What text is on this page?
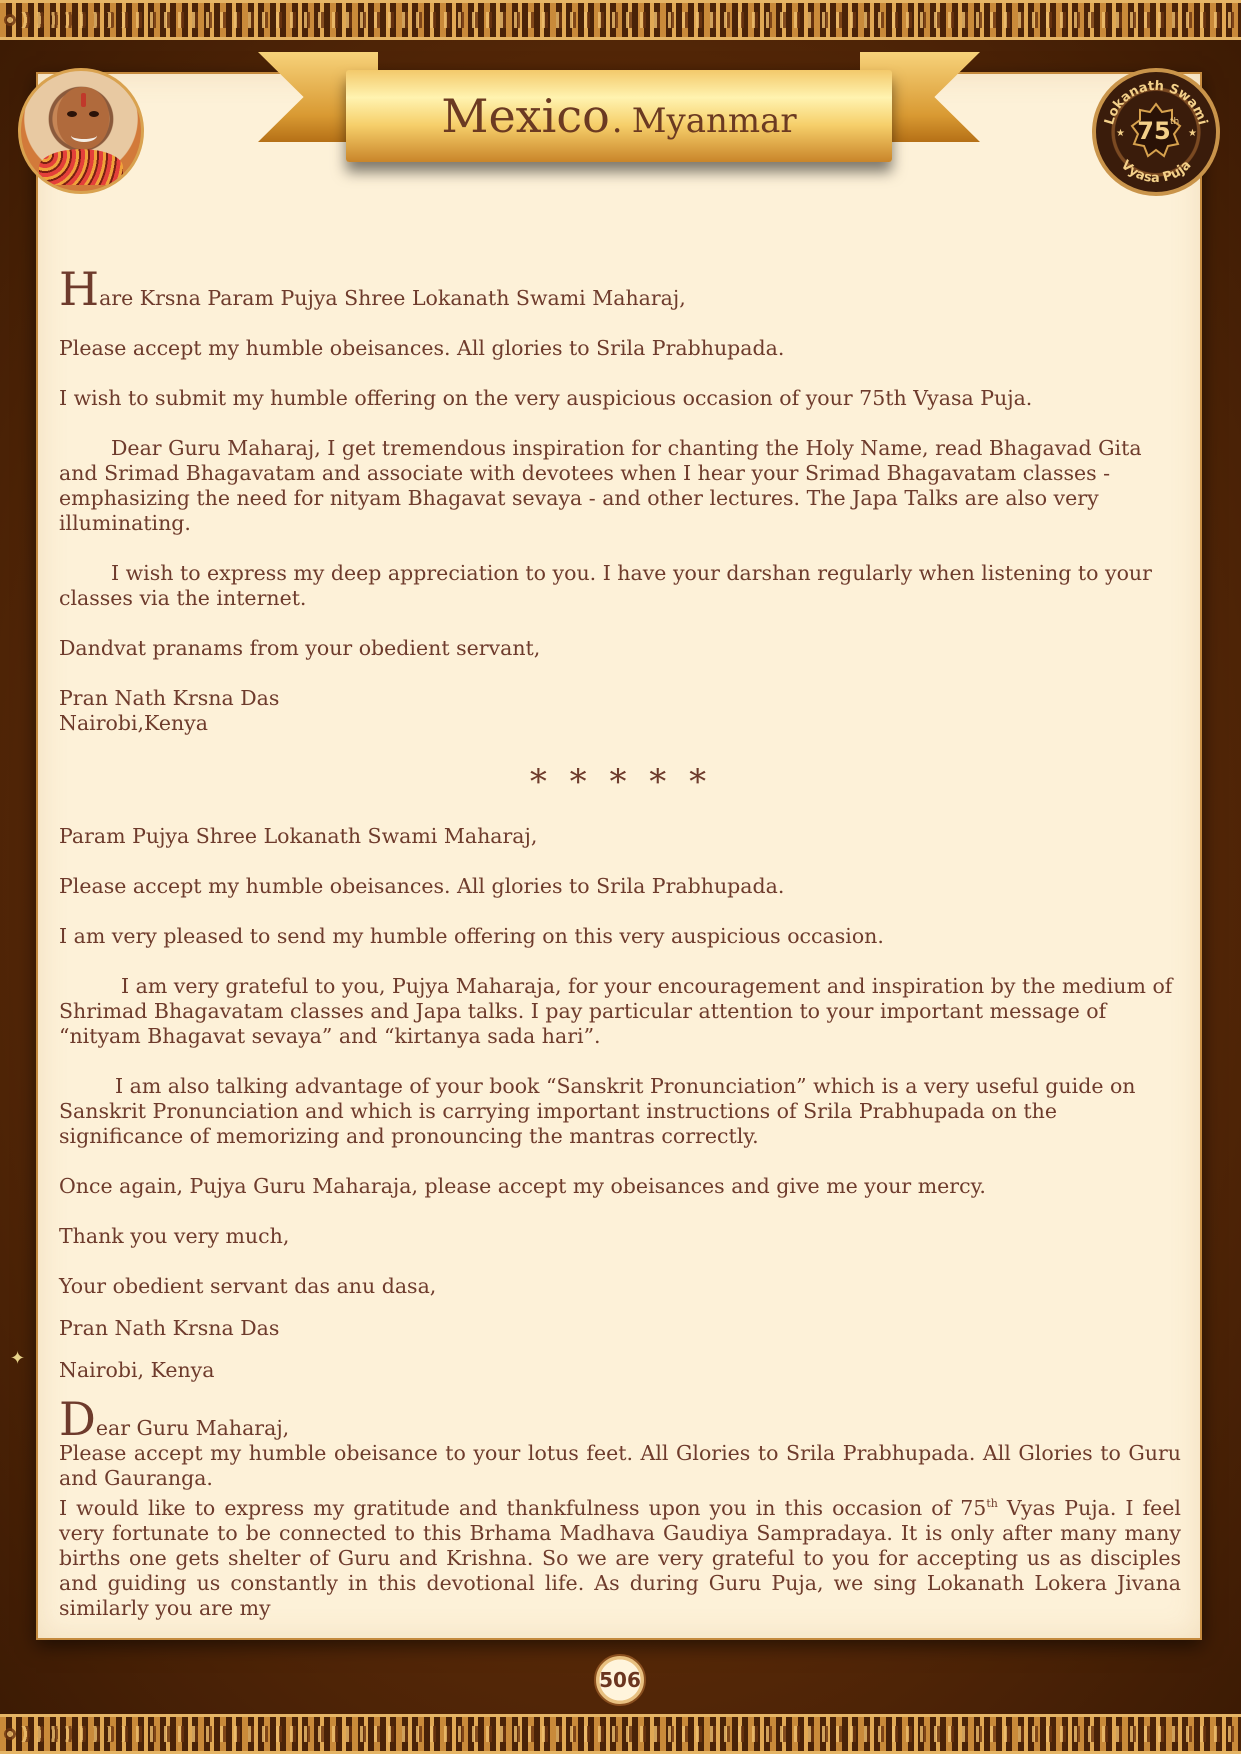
Mexico .
Myanmar	Lokanath Swami
Vyasa Puja
75 th
★	★

Hare Krsna Param Pujya Shree Lokanath Swami Maharaj,

Please accept my humble obeisances. All glories to Srila Prabhupada.

I wish to submit my humble offering on the very auspicious occasion of your 75th Vyasa Puja.

Dear Guru Maharaj, I get tremendous inspiration for chanting the Holy Name, read Bhagavad Gita and Srimad Bhagavatam and associate with devotees when I hear your Srimad Bhagavatam classes - emphasizing the need for nityam Bhagavat sevaya - and other lectures. The Japa Talks are also very illuminating.

I wish to express my deep appreciation to you. I have your darshan regularly when listening to your classes via the internet.

Dandvat pranams from your obedient servant,

Pran Nath Krsna Das

Nairobi,Kenya

* * * * *

Param Pujya Shree Lokanath Swami Maharaj,

Please accept my humble obeisances. All glories to Srila Prabhupada.

I am very pleased to send my humble offering on this very auspicious occasion.

I am very grateful to you, Pujya Maharaja, for your encouragement and inspiration by the medium of Shrimad Bhagavatam classes and Japa talks. I pay particular attention to your important message of “nityam Bhagavat sevaya” and “kirtanya sada hari”.

I am also talking advantage of your book “Sanskrit Pronunciation” which is a very useful guide on Sanskrit Pronunciation and which is carrying important instructions of Srila Prabhupada on the significance of memorizing and pronouncing the mantras correctly.

Once again, Pujya Guru Maharaja, please accept my obeisances and give me your mercy.

Thank you very much,

Your obedient servant das anu dasa,

Pran Nath Krsna Das

Nairobi, Kenya

Dear Guru Maharaj,

Please accept my humble obeisance to your lotus feet. All Glories to Srila Prabhupada. All Glories to Guru and Gauranga.

I would like to express my gratitude and thankfulness upon you in this occasion of 75th Vyas Puja. I feel very fortunate to be connected to this Brhama Madhava Gaudiya Sampradaya. It is only after many many births one gets shelter of Guru and Krishna. So we are very grateful to you for accepting us as disciples and guiding us constantly in this devotional life. As during Guru Puja, we sing Lokanath Lokera Jivana similarly you are my

✦
506
